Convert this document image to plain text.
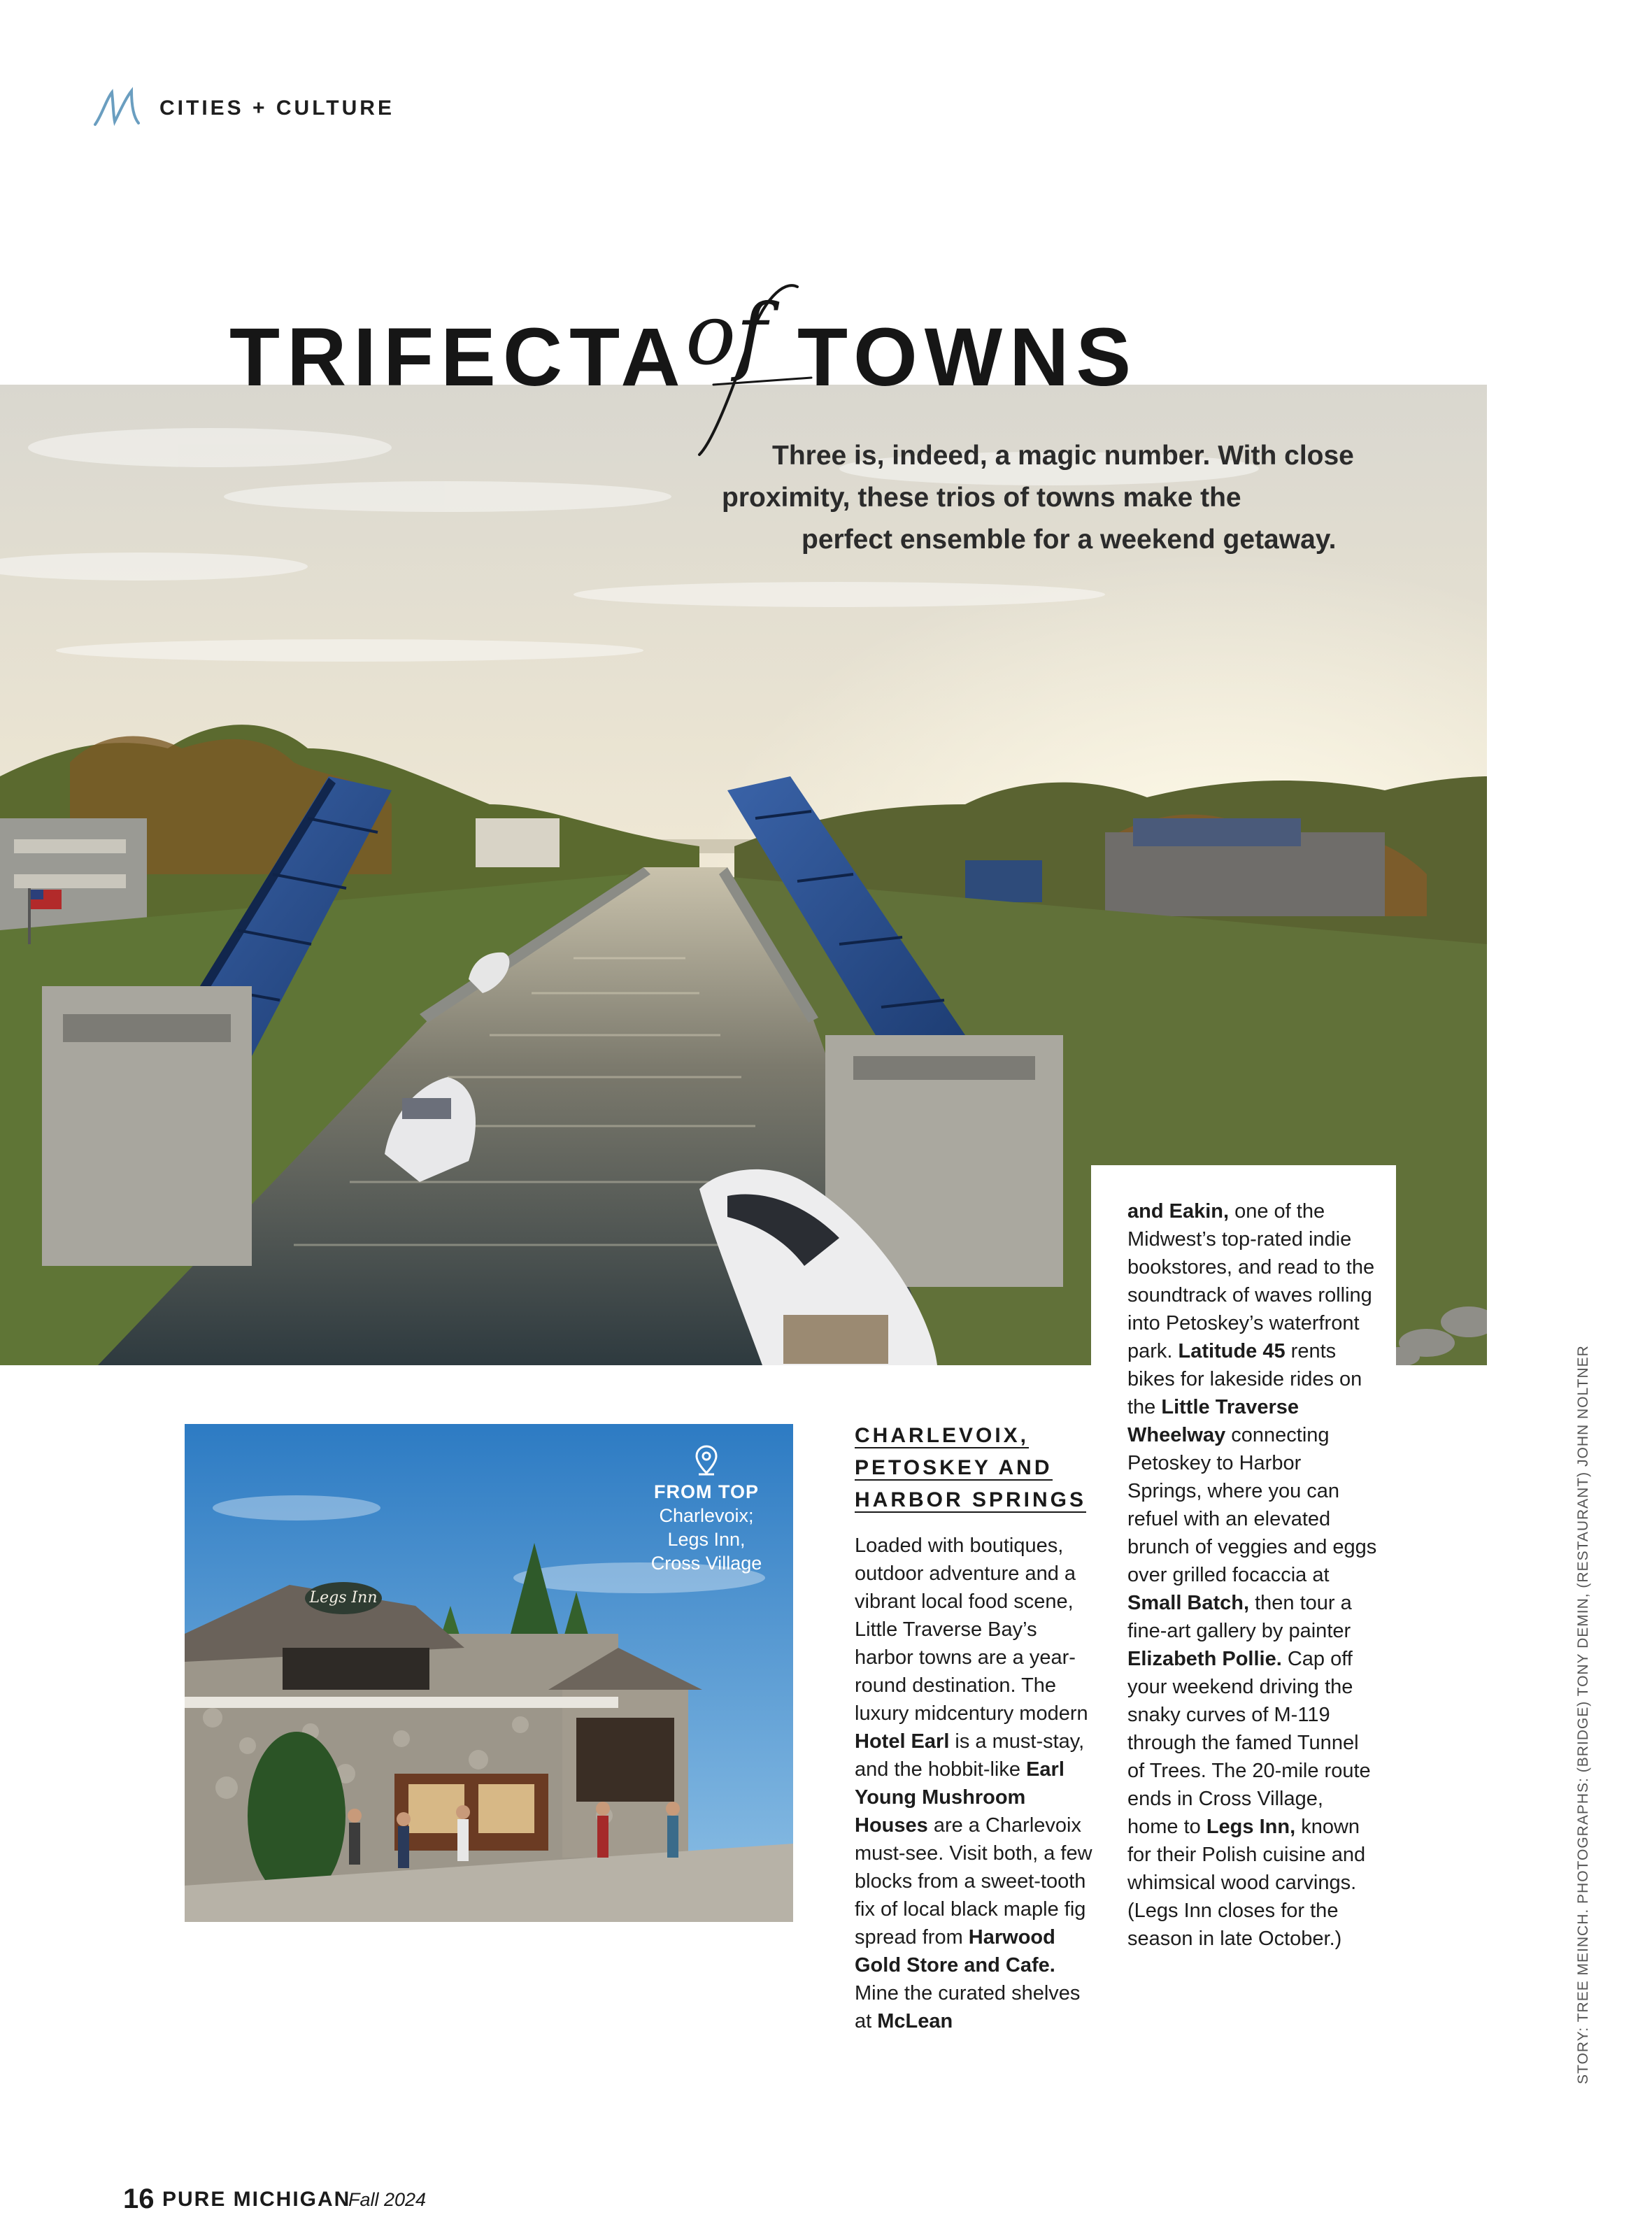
CITIES + CULTURE
TRIFECTA
of TOWNS
Three is, indeed, a magic number. With close
proximity, these trios of towns make the
perfect ensemble for a weekend getaway.
Legs Inn
FROM TOP
Charlevoix;
Legs Inn,
Cross Village
CHARLEVOIX,
PETOSKEY AND
HARBOR SPRINGS
Loaded with boutiques, outdoor adventure and a vibrant local food scene, Little Traverse Bay’s harbor towns are a year-round destination. The luxury midcentury modern Hotel Earl is a must-stay, and the hobbit-like Earl Young Mushroom Houses are a Charlevoix must-see. Visit both, a few blocks from a sweet-tooth fix of local black maple fig spread from Harwood Gold Store and Cafe. Mine the curated shelves at McLean
and Eakin, one of the Midwest’s top-rated indie bookstores, and read to the soundtrack of waves rolling into Petoskey’s waterfront park. Latitude 45 rents bikes for lakeside rides on the Little Traverse Wheelway connecting Petoskey to Harbor Springs, where you can refuel with an elevated brunch of veggies and eggs over grilled focaccia at Small Batch, then tour a fine-art gallery by painter Elizabeth Pollie. Cap off your weekend driving the snaky curves of M-119 through the famed Tunnel of Trees. The 20-mile route ends in Cross Village, home to Legs Inn, known for their Polish cuisine and whimsical wood carvings. (Legs Inn closes for the season in late October.)	STORY: TREE MEINCH. PHOTOGRAPHS: (BRIDGE) TONY DEMIN, (RESTAURANT) JOHN NOLTNER
16 PURE MICHIGAN
Fall 2024
